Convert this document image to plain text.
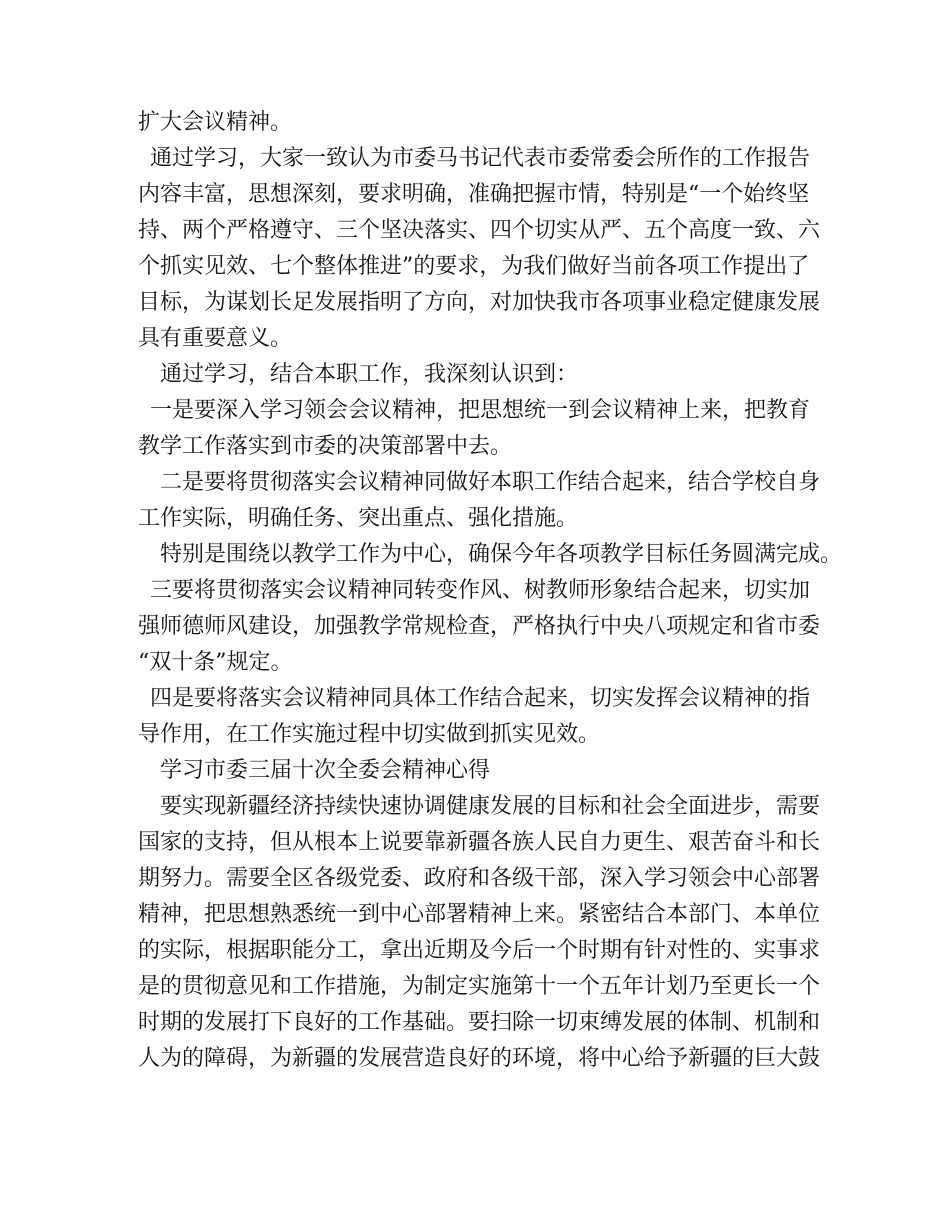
扩大会议精神。
通过学习，大家一致认为市委马书记代表市委常委会所作的工作报告
内容丰富，思想深刻，要求明确，准确把握市情，特别是“一个始终坚
持、两个严格遵守、三个坚决落实、四个切实从严、五个高度一致、六
个抓实见效、七个整体推进”的要求，为我们做好当前各项工作提出了
目标，为谋划长足发展指明了方向，对加快我市各项事业稳定健康发展
具有重要意义。
通过学习，结合本职工作，我深刻认识到：
一是要深入学习领会会议精神，把思想统一到会议精神上来，把教育
教学工作落实到市委的决策部署中去。
二是要将贯彻落实会议精神同做好本职工作结合起来，结合学校自身
工作实际，明确任务、突出重点、强化措施。
特别是围绕以教学工作为中心，确保今年各项教学目标任务圆满完成。
三要将贯彻落实会议精神同转变作风、树教师形象结合起来，切实加
强师德师风建设，加强教学常规检查，严格执行中央八项规定和省市委
“双十条”规定。
四是要将落实会议精神同具体工作结合起来，切实发挥会议精神的指
导作用，在工作实施过程中切实做到抓实见效。
学习市委三届十次全委会精神心得
要实现新疆经济持续快速协调健康发展的目标和社会全面进步，需要
国家的支持，但从根本上说要靠新疆各族人民自力更生、艰苦奋斗和长
期努力。需要全区各级党委、政府和各级干部，深入学习领会中心部署
精神，把思想熟悉统一到中心部署精神上来。紧密结合本部门、本单位
的实际，根据职能分工，拿出近期及今后一个时期有针对性的、实事求
是的贯彻意见和工作措施，为制定实施第十一个五年计划乃至更长一个
时期的发展打下良好的工作基础。要扫除一切束缚发展的体制、机制和
人为的障碍，为新疆的发展营造良好的环境，将中心给予新疆的巨大鼓
